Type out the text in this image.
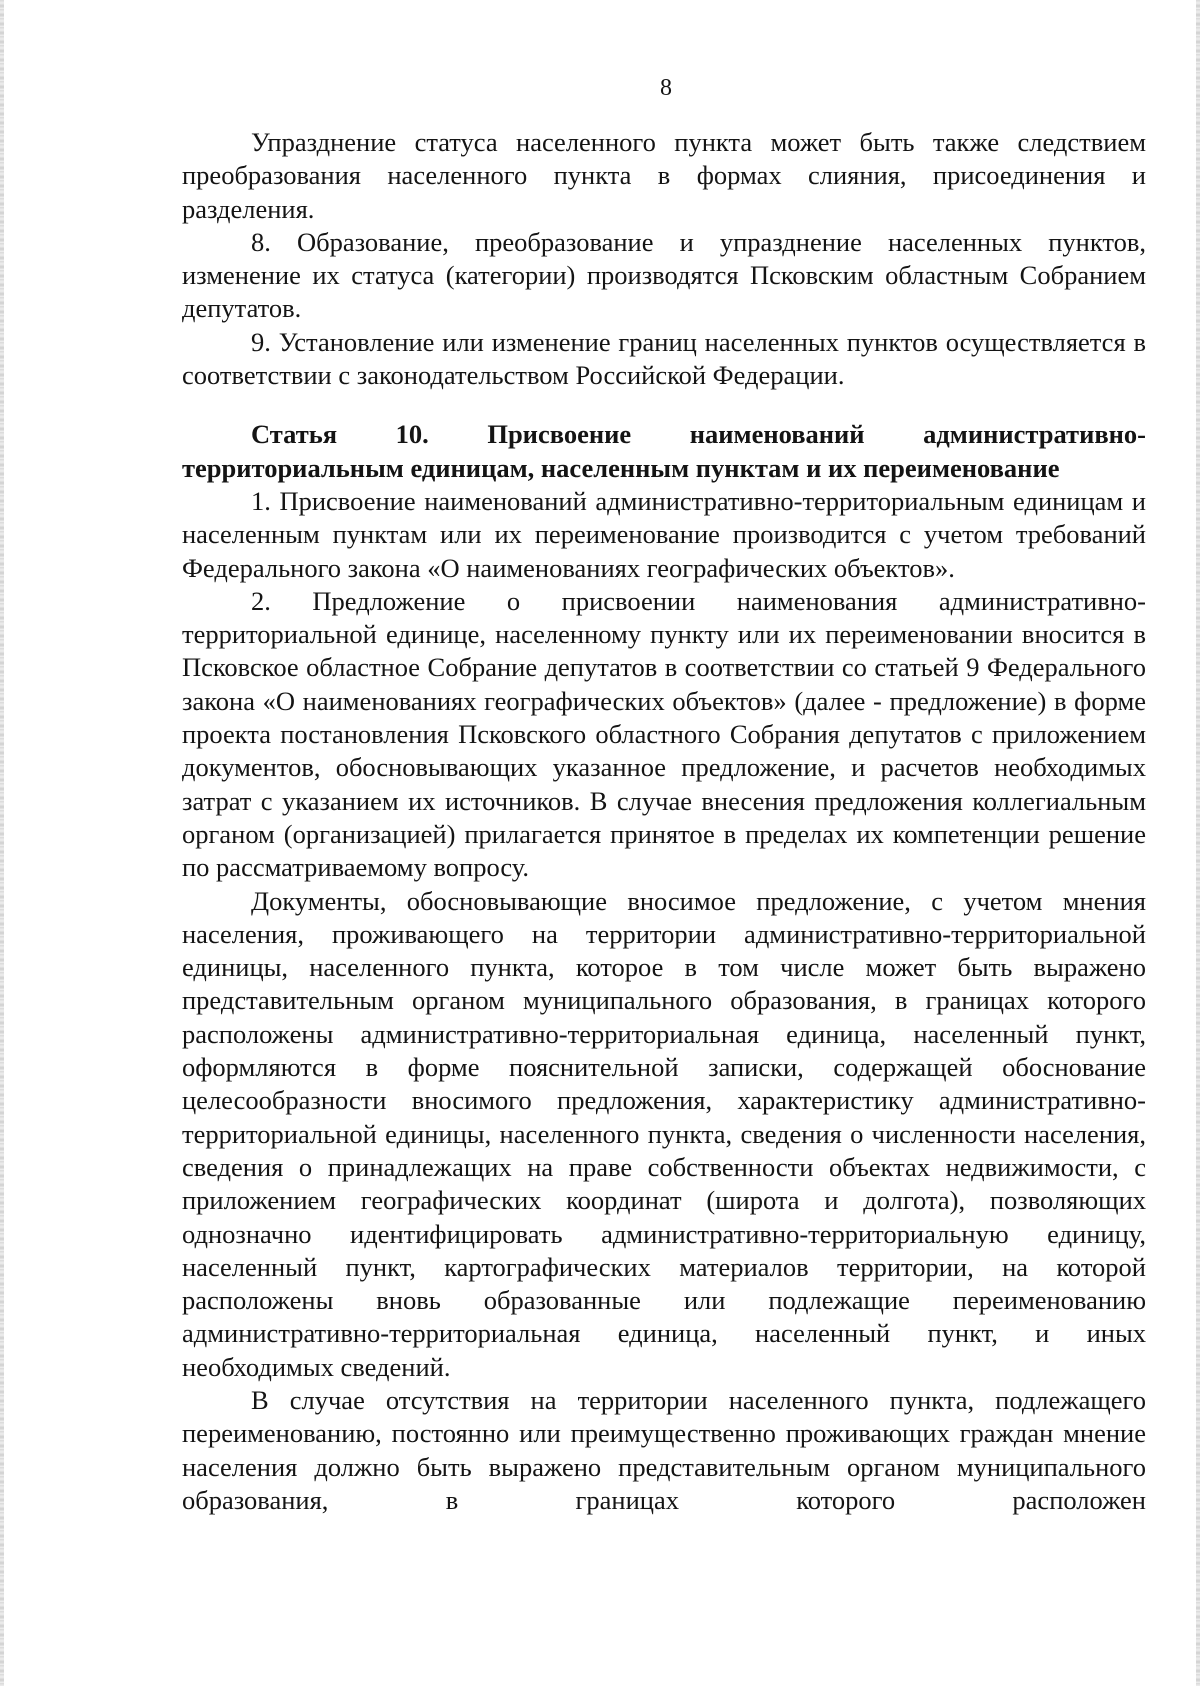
8

Упразднение статуса населенного пункта может быть также следствием преобразования населенного пункта в формах слияния, присоединения и разделения.

8. Образование, преобразование и упразднение населенных пунктов, изменение их статуса (категории) производятся Псковским областным Собранием депутатов.

9. Установление или изменение границ населенных пунктов осуществляется в соответствии с законодательством Российской Федерации.

Статья 10. Присвоение наименований административно-территориальным единицам, населенным пунктам и их переименование

1. Присвоение наименований административно-территориальным единицам и населенным пунктам или их переименование производится с учетом требований Федерального закона «О наименованиях географических объектов».

2. Предложение о присвоении наименования административно-территориальной единице, населенному пункту или их переименовании вносится в Псковское областное Собрание депутатов в соответствии со статьей 9 Федерального закона «О наименованиях географических объектов» (далее - предложение) в форме проекта постановления Псковского областного Собрания депутатов с приложением документов, обосновывающих указанное предложение, и расчетов необходимых затрат с указанием их источников. В случае внесения предложения коллегиальным органом (организацией) прилагается принятое в пределах их компетенции решение по рассматриваемому вопросу.

Документы, обосновывающие вносимое предложение, с учетом мнения населения, проживающего на территории административно-территориальной единицы, населенного пункта, которое в том числе может быть выражено представительным органом муниципального образования, в границах которого расположены административно-территориальная единица, населенный пункт, оформляются в форме пояснительной записки, содержащей обоснование целесообразности вносимого предложения, характеристику административно-территориальной единицы, населенного пункта, сведения о численности населения, сведения о принадлежащих на праве собственности объектах недвижимости, с приложением географических координат (широта и долгота), позволяющих однозначно идентифицировать административно-территориальную единицу, населенный пункт, картографических материалов территории, на которой расположены вновь образованные или подлежащие переименованию административно-территориальная единица, населенный пункт, и иных необходимых сведений.

В случае отсутствия на территории населенного пункта, подлежащего переименованию, постоянно или преимущественно проживающих граждан мнение населения должно быть выражено представительным органом муниципального образования, в границах которого расположен
